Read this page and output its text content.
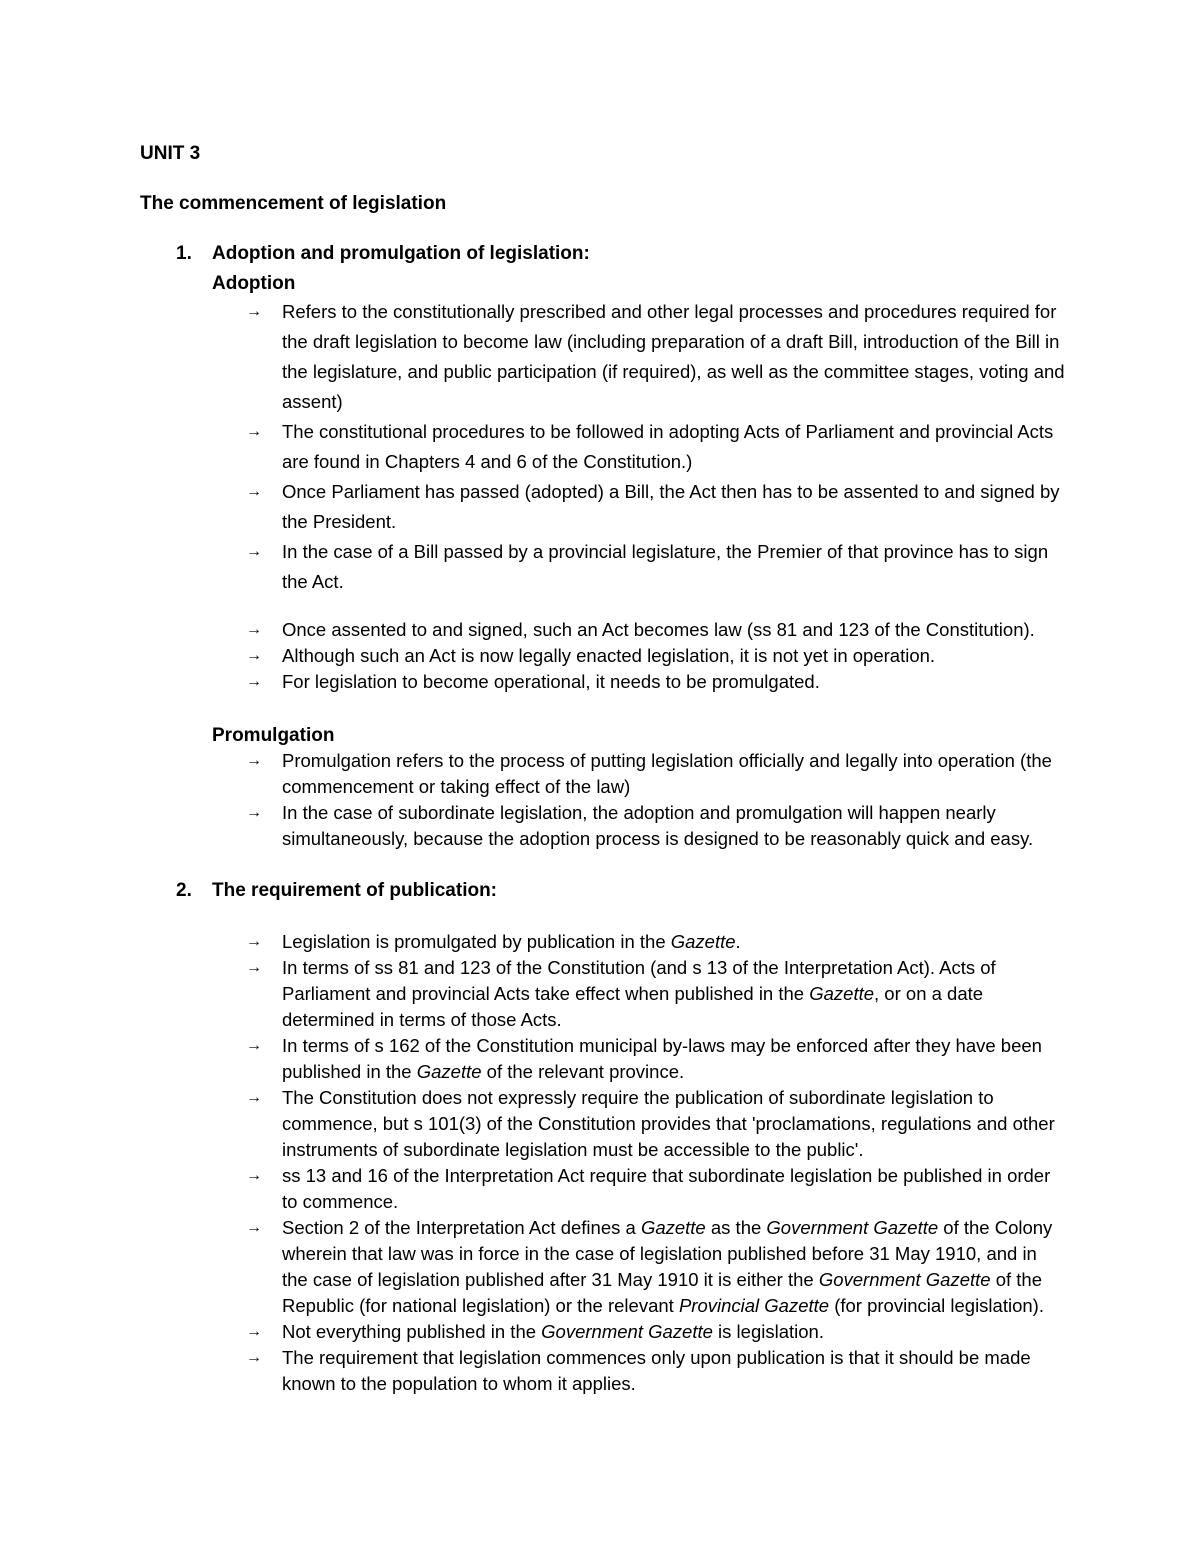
UNIT 3
The commencement of legislation
1. Adoption and promulgation of legislation:
Adoption
→ Refers to the constitutionally prescribed and other legal processes and procedures required for the draft legislation to become law (including preparation of a draft Bill, introduction of the Bill in the legislature, and public participation (if required), as well as the committee stages, voting and assent)
→ The constitutional procedures to be followed in adopting Acts of Parliament and provincial Acts are found in Chapters 4 and 6 of the Constitution.)
→ Once Parliament has passed (adopted) a Bill, the Act then has to be assented to and signed by the President.
→ In the case of a Bill passed by a provincial legislature, the Premier of that province has to sign the Act.
→ Once assented to and signed, such an Act becomes law (ss 81 and 123 of the Constitution).
→ Although such an Act is now legally enacted legislation, it is not yet in operation.
→ For legislation to become operational, it needs to be promulgated.
Promulgation
→ Promulgation refers to the process of putting legislation officially and legally into operation (the commencement or taking effect of the law)
→ In the case of subordinate legislation, the adoption and promulgation will happen nearly simultaneously, because the adoption process is designed to be reasonably quick and easy.
2. The requirement of publication:
→ Legislation is promulgated by publication in the Gazette.
→ In terms of ss 81 and 123 of the Constitution (and s 13 of the Interpretation Act). Acts of Parliament and provincial Acts take effect when published in the Gazette, or on a date determined in terms of those Acts.
→ In terms of s 162 of the Constitution municipal by-laws may be enforced after they have been published in the Gazette of the relevant province.
→ The Constitution does not expressly require the publication of subordinate legislation to commence, but s 101(3) of the Constitution provides that 'proclamations, regulations and other instruments of subordinate legislation must be accessible to the public'.
→ ss 13 and 16 of the Interpretation Act require that subordinate legislation be published in order to commence.
→ Section 2 of the Interpretation Act defines a Gazette as the Government Gazette of the Colony wherein that law was in force in the case of legislation published before 31 May 1910, and in the case of legislation published after 31 May 1910 it is either the Government Gazette of the Republic (for national legislation) or the relevant Provincial Gazette (for provincial legislation).
→ Not everything published in the Government Gazette is legislation.
→ The requirement that legislation commences only upon publication is that it should be made known to the population to whom it applies.
